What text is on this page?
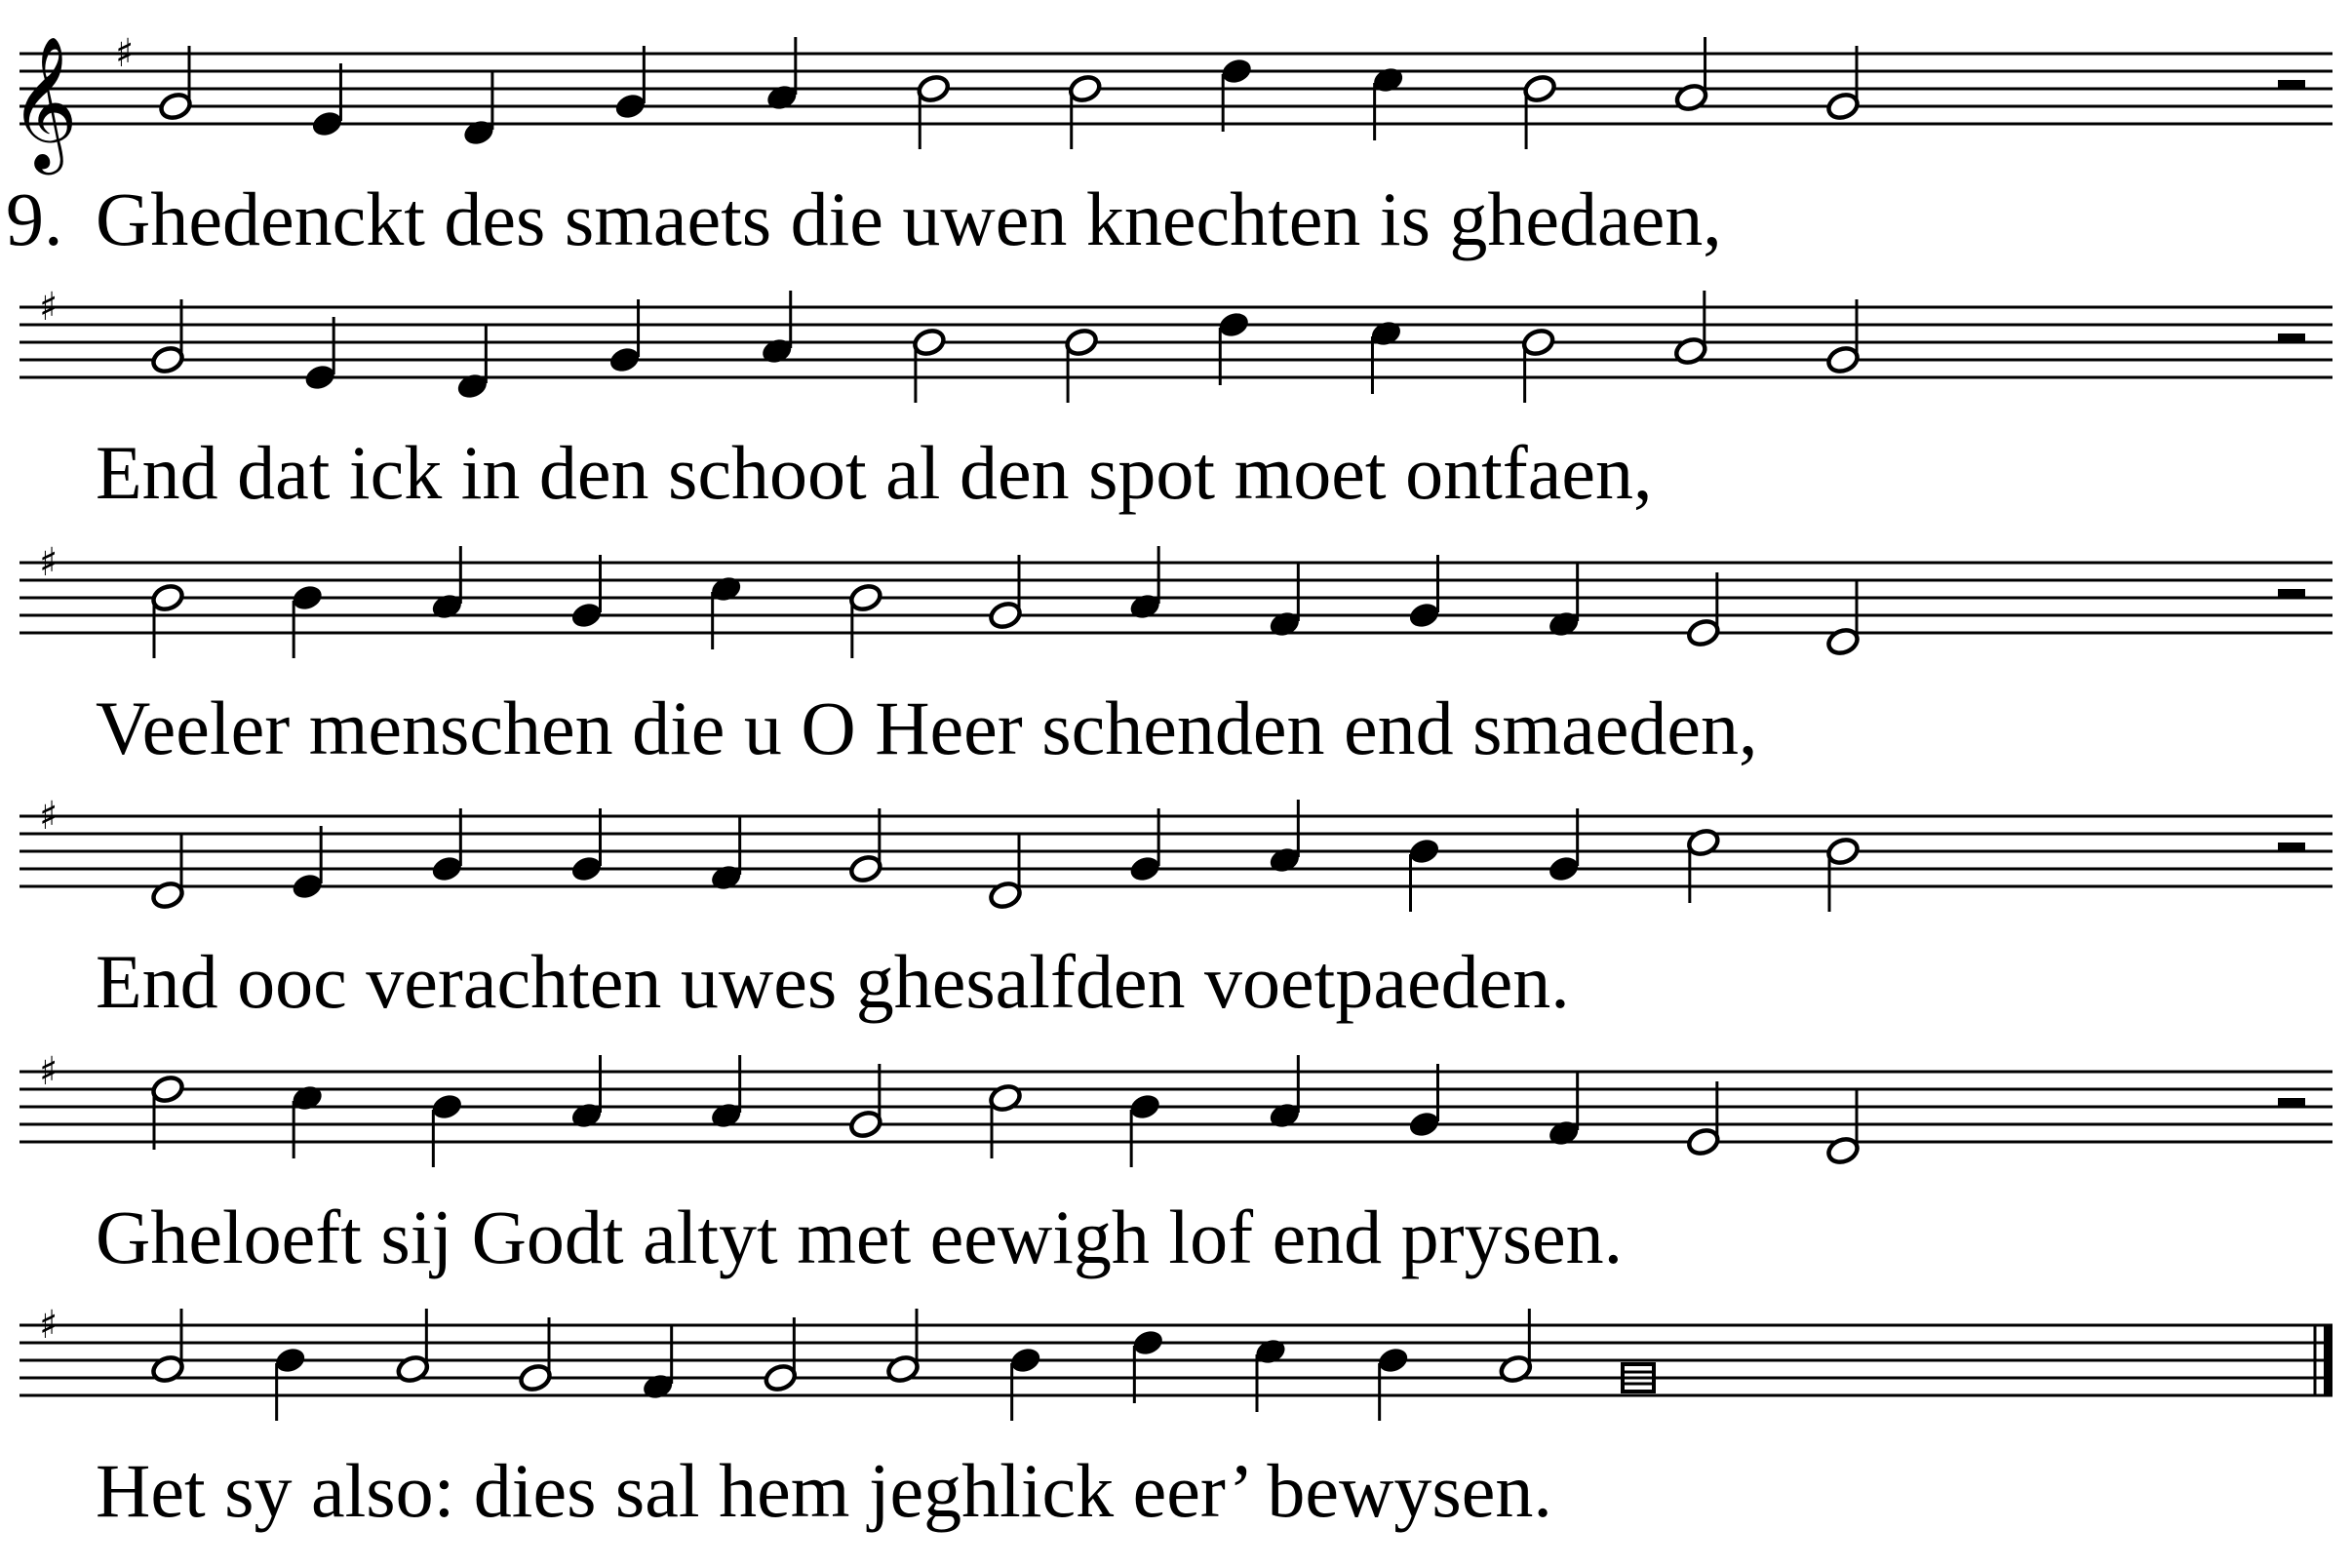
𝄞 ♯
♯
♯
♯
♯
♯
9. Ghedenckt des smaets die uwen knechten is ghedaen,
End dat ick in den schoot al den spot moet ontfaen,
Veeler menschen die u O Heer schenden end smaeden,
End ooc verachten uwes ghesalfden voetpaeden.
Gheloeft sij Godt altyt met eewigh lof end prysen.
Het sy also: dies sal hem jeghlick eer’ bewysen.
